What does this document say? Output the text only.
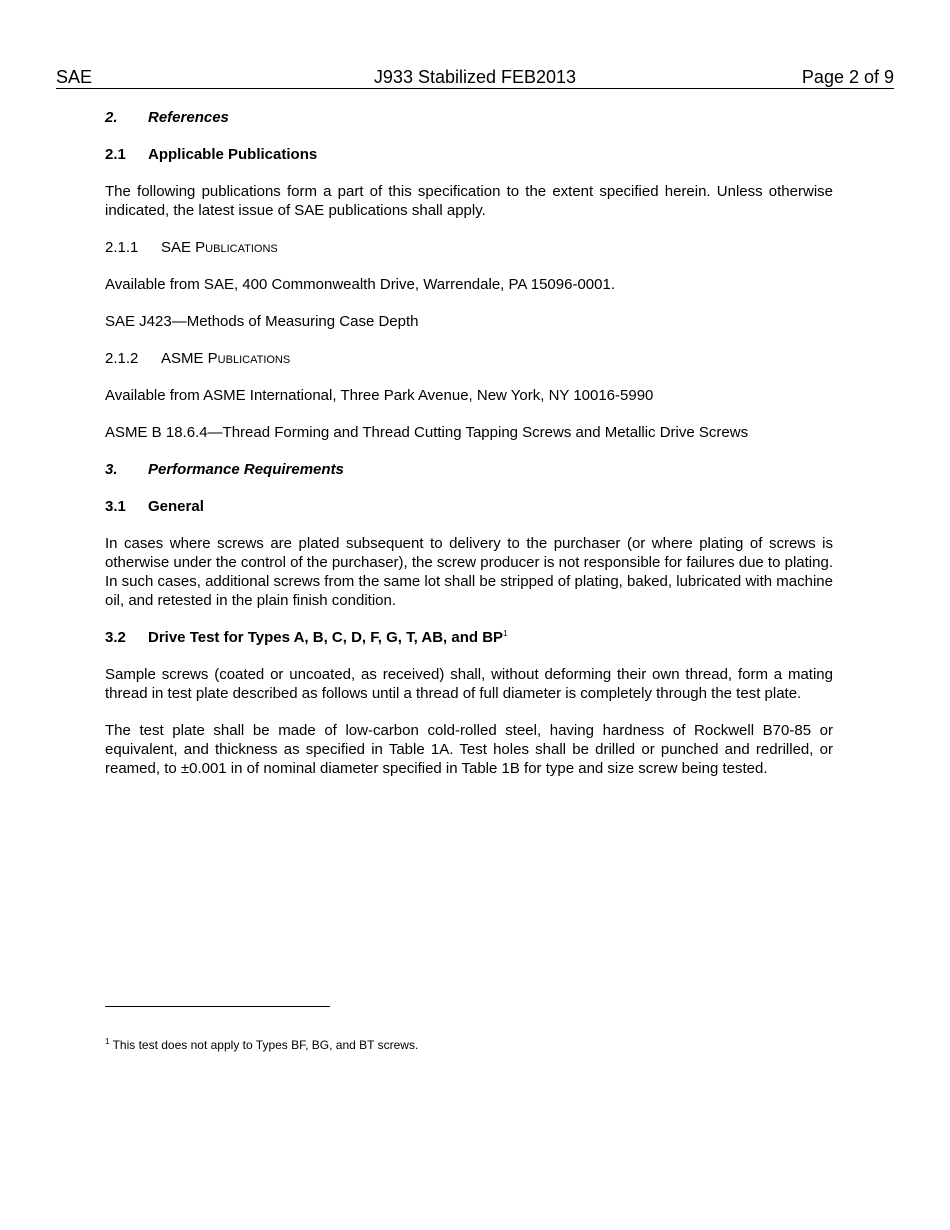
J933 Stabilized FEB2013
SAE	Page 2 of 9
2.	References
2.1	Applicable Publications

The following publications form a part of this specification to the extent specified herein. Unless otherwise indicated, the latest issue of SAE publications shall apply.

2.1.1	SAE Publications

Available from SAE, 400 Commonwealth Drive, Warrendale, PA 15096-0001.

SAE J423—Methods of Measuring Case Depth

2.1.2	ASME Publications

Available from ASME International, Three Park Avenue, New York, NY 10016-5990

ASME B 18.6.4—Thread Forming and Thread Cutting Tapping Screws and Metallic Drive Screws

3.	Performance Requirements
3.1	General

In cases where screws are plated subsequent to delivery to the purchaser (or where plating of screws is otherwise under the control of the purchaser), the screw producer is not responsible for failures due to plating. In such cases, additional screws from the same lot shall be stripped of plating, baked, lubricated with machine oil, and retested in the plain finish condition.

3.2	Drive Test for Types A, B, C, D, F, G, T, AB, and $BP^1$

Sample screws (coated or uncoated, as received) shall, without deforming their own thread, form a mating thread in test plate described as follows until a thread of full diameter is completely through the test plate.

The test plate shall be made of low-carbon cold-rolled steel, having hardness of Rockwell B70-85 or equivalent, and thickness as specified in Table 1A. Test holes shall be drilled or punched and redrilled, or reamed, to ±0.001 in of nominal diameter specified in Table 1B for type and size screw being tested.

$^1$ This test does not apply to Types BF, BG, and BT screws.
